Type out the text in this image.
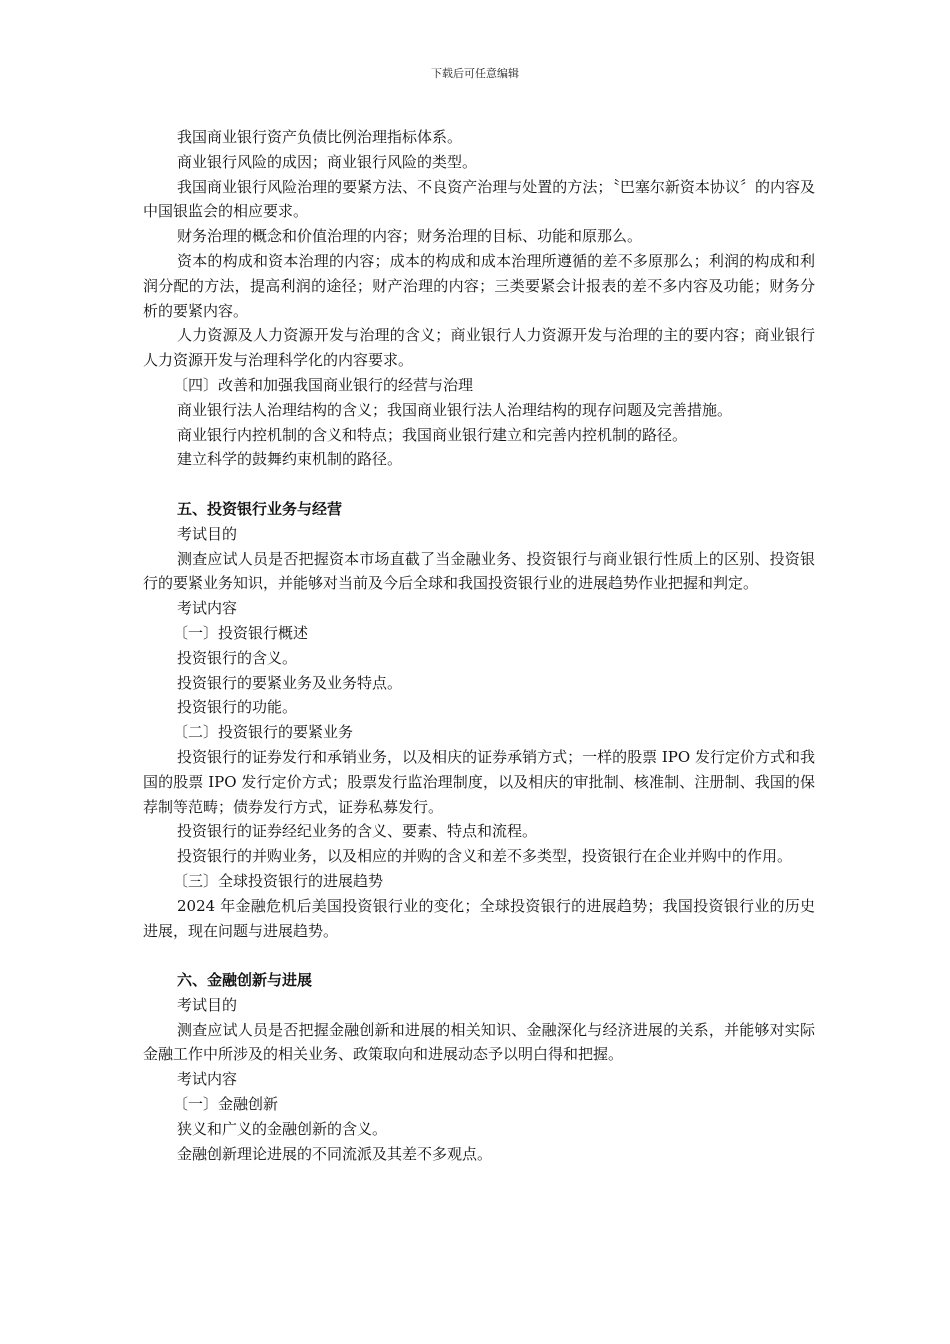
下载后可任意编辑

我国商业银行资产负债比例治理指标体系。

商业银行风险的成因；商业银行风险的类型。

我国商业银行风险治理的要紧方法、不良资产治理与处置的方法；〝巴塞尔新资本协议〞的内容及中国银监会的相应要求。

财务治理的概念和价值治理的内容；财务治理的目标、功能和原那么。

资本的构成和资本治理的内容；成本的构成和成本治理所遵循的差不多原那么；利润的构成和利润分配的方法，提高利润的途径；财产治理的内容；三类要紧会计报表的差不多内容及功能；财务分析的要紧内容。

人力资源及人力资源开发与治理的含义；商业银行人力资源开发与治理的主的要内容；商业银行人力资源开发与治理科学化的内容要求。

〔四〕改善和加强我国商业银行的经营与治理

商业银行法人治理结构的含义；我国商业银行法人治理结构的现存问题及完善措施。

商业银行内控机制的含义和特点；我国商业银行建立和完善内控机制的路径。

建立科学的鼓舞约束机制的路径。

五、投资银行业务与经营

考试目的

测查应试人员是否把握资本市场直截了当金融业务、投资银行与商业银行性质上的区别、投资银行的要紧业务知识，并能够对当前及今后全球和我国投资银行业的进展趋势作业把握和判定。

考试内容

〔一〕投资银行概述

投资银行的含义。

投资银行的要紧业务及业务特点。

投资银行的功能。

〔二〕投资银行的要紧业务

投资银行的证券发行和承销业务，以及相庆的证券承销方式；一样的股票 IPO 发行定价方式和我国的股票 IPO 发行定价方式；股票发行监治理制度，以及相庆的审批制、核准制、注册制、我国的保荐制等范畴；债券发行方式，证券私募发行。

投资银行的证券经纪业务的含义、要素、特点和流程。

投资银行的并购业务，以及相应的并购的含义和差不多类型，投资银行在企业并购中的作用。

〔三〕全球投资银行的进展趋势

2024 年金融危机后美国投资银行业的变化；全球投资银行的进展趋势；我国投资银行业的历史进展，现在问题与进展趋势。

六、金融创新与进展

考试目的

测查应试人员是否把握金融创新和进展的相关知识、金融深化与经济进展的关系，并能够对实际金融工作中所涉及的相关业务、政策取向和进展动态予以明白得和把握。

考试内容

〔一〕金融创新

狭义和广义的金融创新的含义。

金融创新理论进展的不同流派及其差不多观点。
